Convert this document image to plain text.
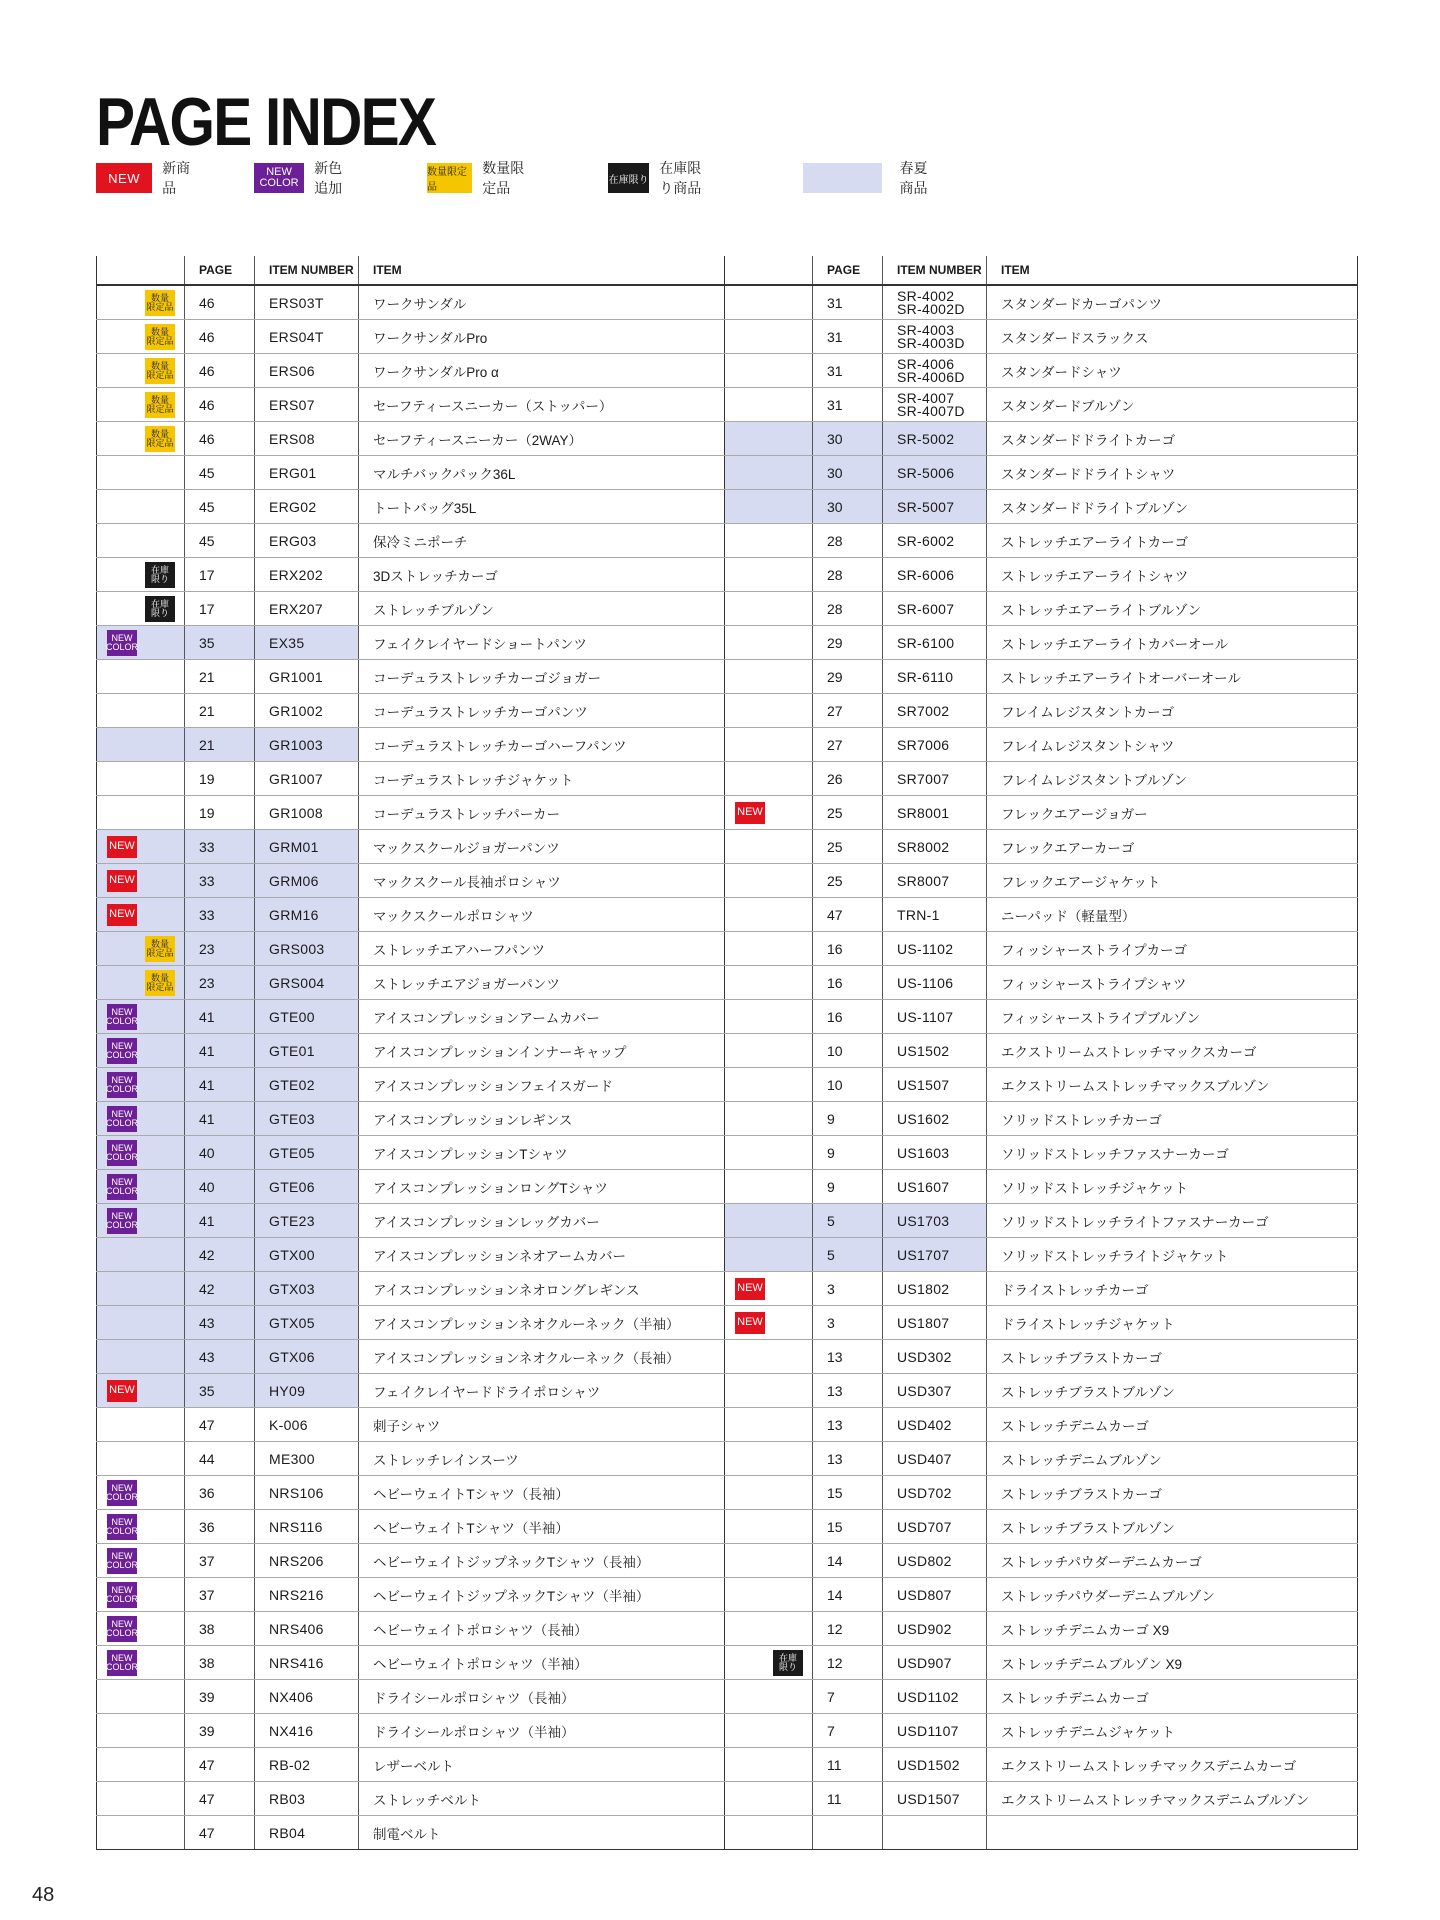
PAGE INDEX
NEW
新商品
NEW
COLOR
新色追加
数量限定品
数量限定品	在庫限り
在庫限り商品
春夏商品
	PAGE	ITEM NUMBER	ITEM
数量
限定品	46	ERS03T	ワークサンダル
数量
限定品	46	ERS04T	ワークサンダルPro
数量
限定品	46	ERS06	ワークサンダルPro α
数量
限定品	46	ERS07	セーフティースニーカー（ストッパー）
数量
限定品	46	ERS08	セーフティースニーカー（2WAY）
	45	ERG01	マルチバックパック36L
	45	ERG02	トートバッグ35L
	45	ERG03	保冷ミニポーチ
在庫
限り	17	ERX202	3Dストレッチカーゴ
在庫
限り	17	ERX207	ストレッチブルゾン

NEW
COLOR	35	EX35	フェイクレイヤードショートパンツ
	21	GR1001	コーデュラストレッチカーゴジョガー
	21	GR1002	コーデュラストレッチカーゴパンツ
	21	GR1003	コーデュラストレッチカーゴハーフパンツ
	19	GR1007	コーデュラストレッチジャケット
	19	GR1008	コーデュラストレッチパーカー
NEW	33	GRM01	マックスクールジョガーパンツ
NEW	33	GRM06	マックスクール長袖ポロシャツ
NEW	33	GRM16	マックスクールポロシャツ
数量
限定品	23	GRS003	ストレッチエアハーフパンツ
数量
限定品	23	GRS004	ストレッチエアジョガーパンツ

NEW
COLOR	41	GTE00	アイスコンプレッションアームカバー

NEW
COLOR	41	GTE01	アイスコンプレッションインナーキャップ

NEW
COLOR	41	GTE02	アイスコンプレッションフェイスガード

NEW
COLOR	41	GTE03	アイスコンプレッションレギンス

NEW
COLOR	40	GTE05	アイスコンプレッションTシャツ

NEW
COLOR	40	GTE06	アイスコンプレッションロングTシャツ

NEW
COLOR	41	GTE23	アイスコンプレッションレッグカバー
	42	GTX00	アイスコンプレッションネオアームカバー
	42	GTX03	アイスコンプレッションネオロングレギンス
	43	GTX05	アイスコンプレッションネオクルーネック（半袖）
	43	GTX06	アイスコンプレッションネオクルーネック（長袖）
NEW	35	HY09	フェイクレイヤードドライポロシャツ
	47	K-006	刺子シャツ
	44	ME300	ストレッチレインスーツ

NEW
COLOR	36	NRS106	ヘビーウェイトTシャツ（長袖）

NEW
COLOR	36	NRS116	ヘビーウェイトTシャツ（半袖）

NEW
COLOR	37	NRS206	ヘビーウェイトジップネックTシャツ（長袖）

NEW
COLOR	37	NRS216	ヘビーウェイトジップネックTシャツ（半袖）

NEW
COLOR	38	NRS406	ヘビーウェイトポロシャツ（長袖）

NEW
COLOR	38	NRS416	ヘビーウェイトポロシャツ（半袖）
	39	NX406	ドライシールポロシャツ（長袖）
	39	NX416	ドライシールポロシャツ（半袖）
	47	RB-02	レザーベルト
	47	RB03	ストレッチベルト
	47	RB04	制電ベルト
	PAGE	ITEM NUMBER	ITEM
	31	SR-4002
SR-4002D	スタンダードカーゴパンツ
	31	SR-4003
SR-4003D	スタンダードスラックス
	31	SR-4006
SR-4006D	スタンダードシャツ
	31	SR-4007
SR-4007D	スタンダードブルゾン
	30	SR-5002	スタンダードドライトカーゴ
	30	SR-5006	スタンダードドライトシャツ
	30	SR-5007	スタンダードドライトブルゾン
	28	SR-6002	ストレッチエアーライトカーゴ
	28	SR-6006	ストレッチエアーライトシャツ
	28	SR-6007	ストレッチエアーライトブルゾン
	29	SR-6100	ストレッチエアーライトカバーオール
	29	SR-6110	ストレッチエアーライトオーバーオール
	27	SR7002	フレイムレジスタントカーゴ
	27	SR7006	フレイムレジスタントシャツ
	26	SR7007	フレイムレジスタントブルゾン
NEW	25	SR8001	フレックエアージョガー
	25	SR8002	フレックエアーカーゴ
	25	SR8007	フレックエアージャケット
	47	TRN-1	ニーパッド（軽量型）
	16	US-1102	フィッシャーストライプカーゴ
	16	US-1106	フィッシャーストライプシャツ
	16	US-1107	フィッシャーストライプブルゾン
	10	US1502	エクストリームストレッチマックスカーゴ
	10	US1507	エクストリームストレッチマックスブルゾン
	9	US1602	ソリッドストレッチカーゴ
	9	US1603	ソリッドストレッチファスナーカーゴ
	9	US1607	ソリッドストレッチジャケット
	5	US1703	ソリッドストレッチライトファスナーカーゴ
	5	US1707	ソリッドストレッチライトジャケット
NEW	3	US1802	ドライストレッチカーゴ
NEW	3	US1807	ドライストレッチジャケット
	13	USD302	ストレッチブラストカーゴ
	13	USD307	ストレッチブラストブルゾン
	13	USD402	ストレッチデニムカーゴ
	13	USD407	ストレッチデニムブルゾン
	15	USD702	ストレッチブラストカーゴ
	15	USD707	ストレッチブラストブルゾン
	14	USD802	ストレッチパウダーデニムカーゴ
	14	USD807	ストレッチパウダーデニムブルゾン
	12	USD902	ストレッチデニムカーゴ X9
在庫
限り	12	USD907	ストレッチデニムブルゾン X9
	7	USD1102	ストレッチデニムカーゴ
	7	USD1107	ストレッチデニムジャケット
	11	USD1502	エクストリームストレッチマックスデニムカーゴ
	11	USD1507	エクストリームストレッチマックスデニムブルゾン

48
